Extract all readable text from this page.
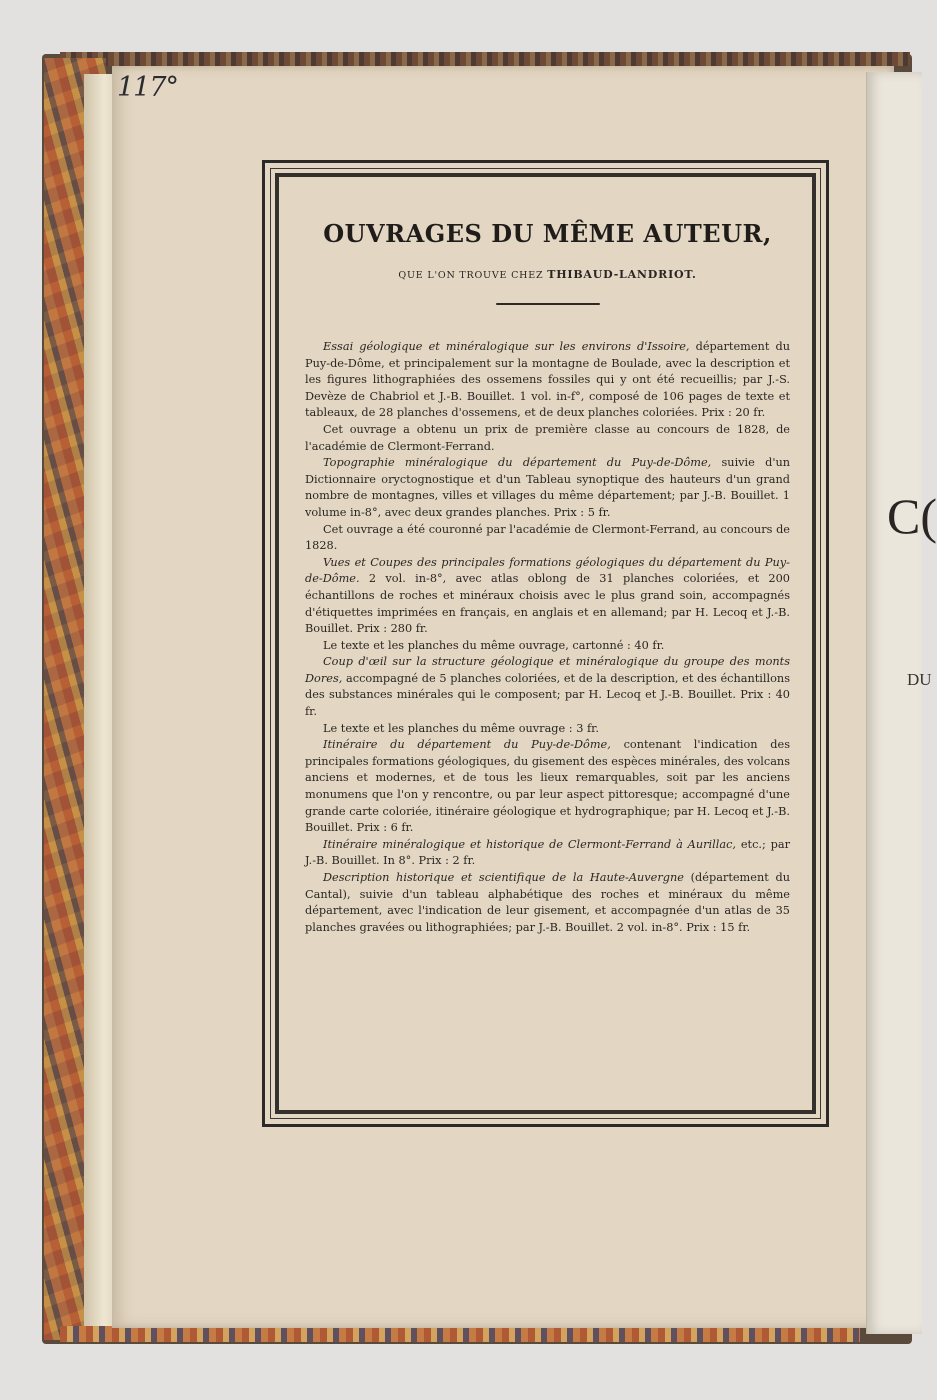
C(
DU
117°
OUVRAGES DU MÊME AUTEUR,
QUE L'ON TROUVE CHEZ THIBAUD-LANDRIOT.

Essai géologique et minéralogique sur les environs d'Issoire, département du Puy-de-Dôme, et principalement sur la montagne de Boulade, avec la description et les figures lithographiées des ossemens fossiles qui y ont été recueillis; par J.-S. Devèze de Chabriol et J.-B. Bouillet. 1 vol. in-f°, composé de 106 pages de texte et tableaux, de 28 planches d'ossemens, et de deux planches coloriées. Prix : 20 fr.

Cet ouvrage a obtenu un prix de première classe au concours de 1828, de l'académie de Clermont-Ferrand.

Topographie minéralogique du département du Puy-de-Dôme, suivie d'un Dictionnaire oryctognostique et d'un Tableau synoptique des hauteurs d'un grand nombre de montagnes, villes et villages du même département; par J.-B. Bouillet. 1 volume in-8°, avec deux grandes planches. Prix : 5 fr.

Cet ouvrage a été couronné par l'académie de Clermont-Ferrand, au concours de 1828.

Vues et Coupes des principales formations géologiques du département du Puy-de-Dôme. 2 vol. in-8°, avec atlas oblong de 31 planches coloriées, et 200 échantillons de roches et minéraux choisis avec le plus grand soin, accompagnés d'étiquettes imprimées en français, en anglais et en allemand; par H. Lecoq et J.-B. Bouillet. Prix : 280 fr.

Le texte et les planches du même ouvrage, cartonné : 40 fr.

Coup d'œil sur la structure géologique et minéralogique du groupe des monts Dores, accompagné de 5 planches coloriées, et de la description, et des échantillons des substances minérales qui le composent; par H. Lecoq et J.-B. Bouillet. Prix : 40 fr.

Le texte et les planches du même ouvrage : 3 fr.

Itinéraire du département du Puy-de-Dôme, contenant l'indication des principales formations géologiques, du gisement des espèces minérales, des volcans anciens et modernes, et de tous les lieux remarquables, soit par les anciens monumens que l'on y rencontre, ou par leur aspect pittoresque; accompagné d'une grande carte coloriée, itinéraire géologique et hydrographique; par H. Lecoq et J.-B. Bouillet. Prix : 6 fr.

Itinéraire minéralogique et historique de Clermont-Ferrand à Aurillac, etc.; par J.-B. Bouillet. In 8°. Prix : 2 fr.

Description historique et scientifique de la Haute-Auvergne (département du Cantal), suivie d'un tableau alphabétique des roches et minéraux du même département, avec l'indication de leur gisement, et accompagnée d'un atlas de 35 planches gravées ou lithographiées; par J.-B. Bouillet. 2 vol. in-8°. Prix : 15 fr.
